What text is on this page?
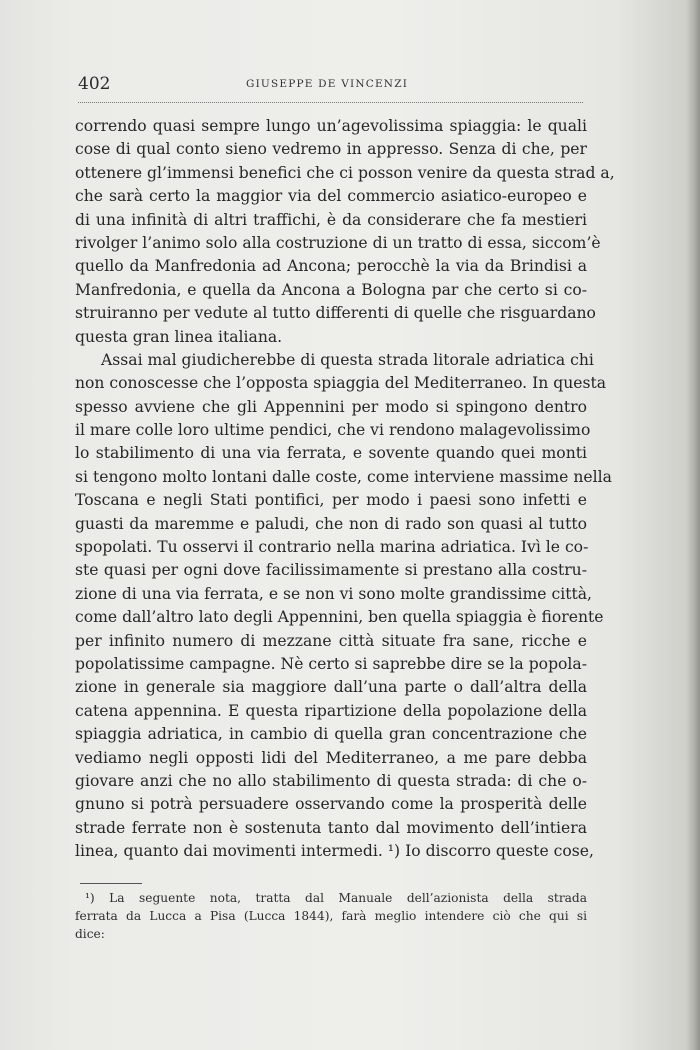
402	GIUSEPPE DE VINCENZI
correndo quasi sempre lungo un’agevolissima spiaggia: le quali
cose di qual conto sieno vedremo in appresso. Senza di che, per
ottenere gl’immensi benefici che ci posson venire da questa strad a,
che sarà certo la maggior via del commercio asiatico-europeo e
di una infinità di altri traffichi, è da considerare che fa mestieri
rivolger l’animo solo alla costruzione di un tratto di essa, siccom’è
quello da Manfredonia ad Ancona; perocchè la via da Brindisi a
Manfredonia, e quella da Ancona a Bologna par che certo si co-
struiranno per vedute al tutto differenti di quelle che risguardano
questa gran linea italiana.
Assai mal giudicherebbe di questa strada litorale adriatica chi
non conoscesse che l’opposta spiaggia del Mediterraneo. In questa
spesso avviene che gli Appennini per modo si spingono dentro
il mare colle loro ultime pendici, che vi rendono malagevolissimo
lo stabilimento di una via ferrata, e sovente quando quei monti
si tengono molto lontani dalle coste, come interviene massime nella
Toscana e negli Stati pontifici, per modo i paesi sono infetti e
guasti da maremme e paludi, che non di rado son quasi al tutto
spopolati. Tu osservi il contrario nella marina adriatica. Ivì le co-
ste quasi per ogni dove facilissimamente si prestano alla costru-
zione di una via ferrata, e se non vi sono molte grandissime città,
come dall’altro lato degli Appennini, ben quella spiaggia è fiorente
per infinito numero di mezzane città situate fra sane, ricche e
popolatissime campagne. Nè certo si saprebbe dire se la popola-
zione in generale sia maggiore dall’una parte o dall’altra della
catena appennina. E questa ripartizione della popolazione della
spiaggia adriatica, in cambio di quella gran concentrazione che
vediamo negli opposti lidi del Mediterraneo, a me pare debba
giovare anzi che no allo stabilimento di questa strada: di che o-
gnuno si potrà persuadere osservando come la prosperità delle
strade ferrate non è sostenuta tanto dal movimento dell’intiera
linea, quanto dai movimenti intermedi. ¹) Io discorro queste cose,
¹) La seguente nota, tratta dal Manuale dell’azionista della strada
ferrata da Lucca a Pisa (Lucca 1844), farà meglio intendere ciò che qui si
dice:
